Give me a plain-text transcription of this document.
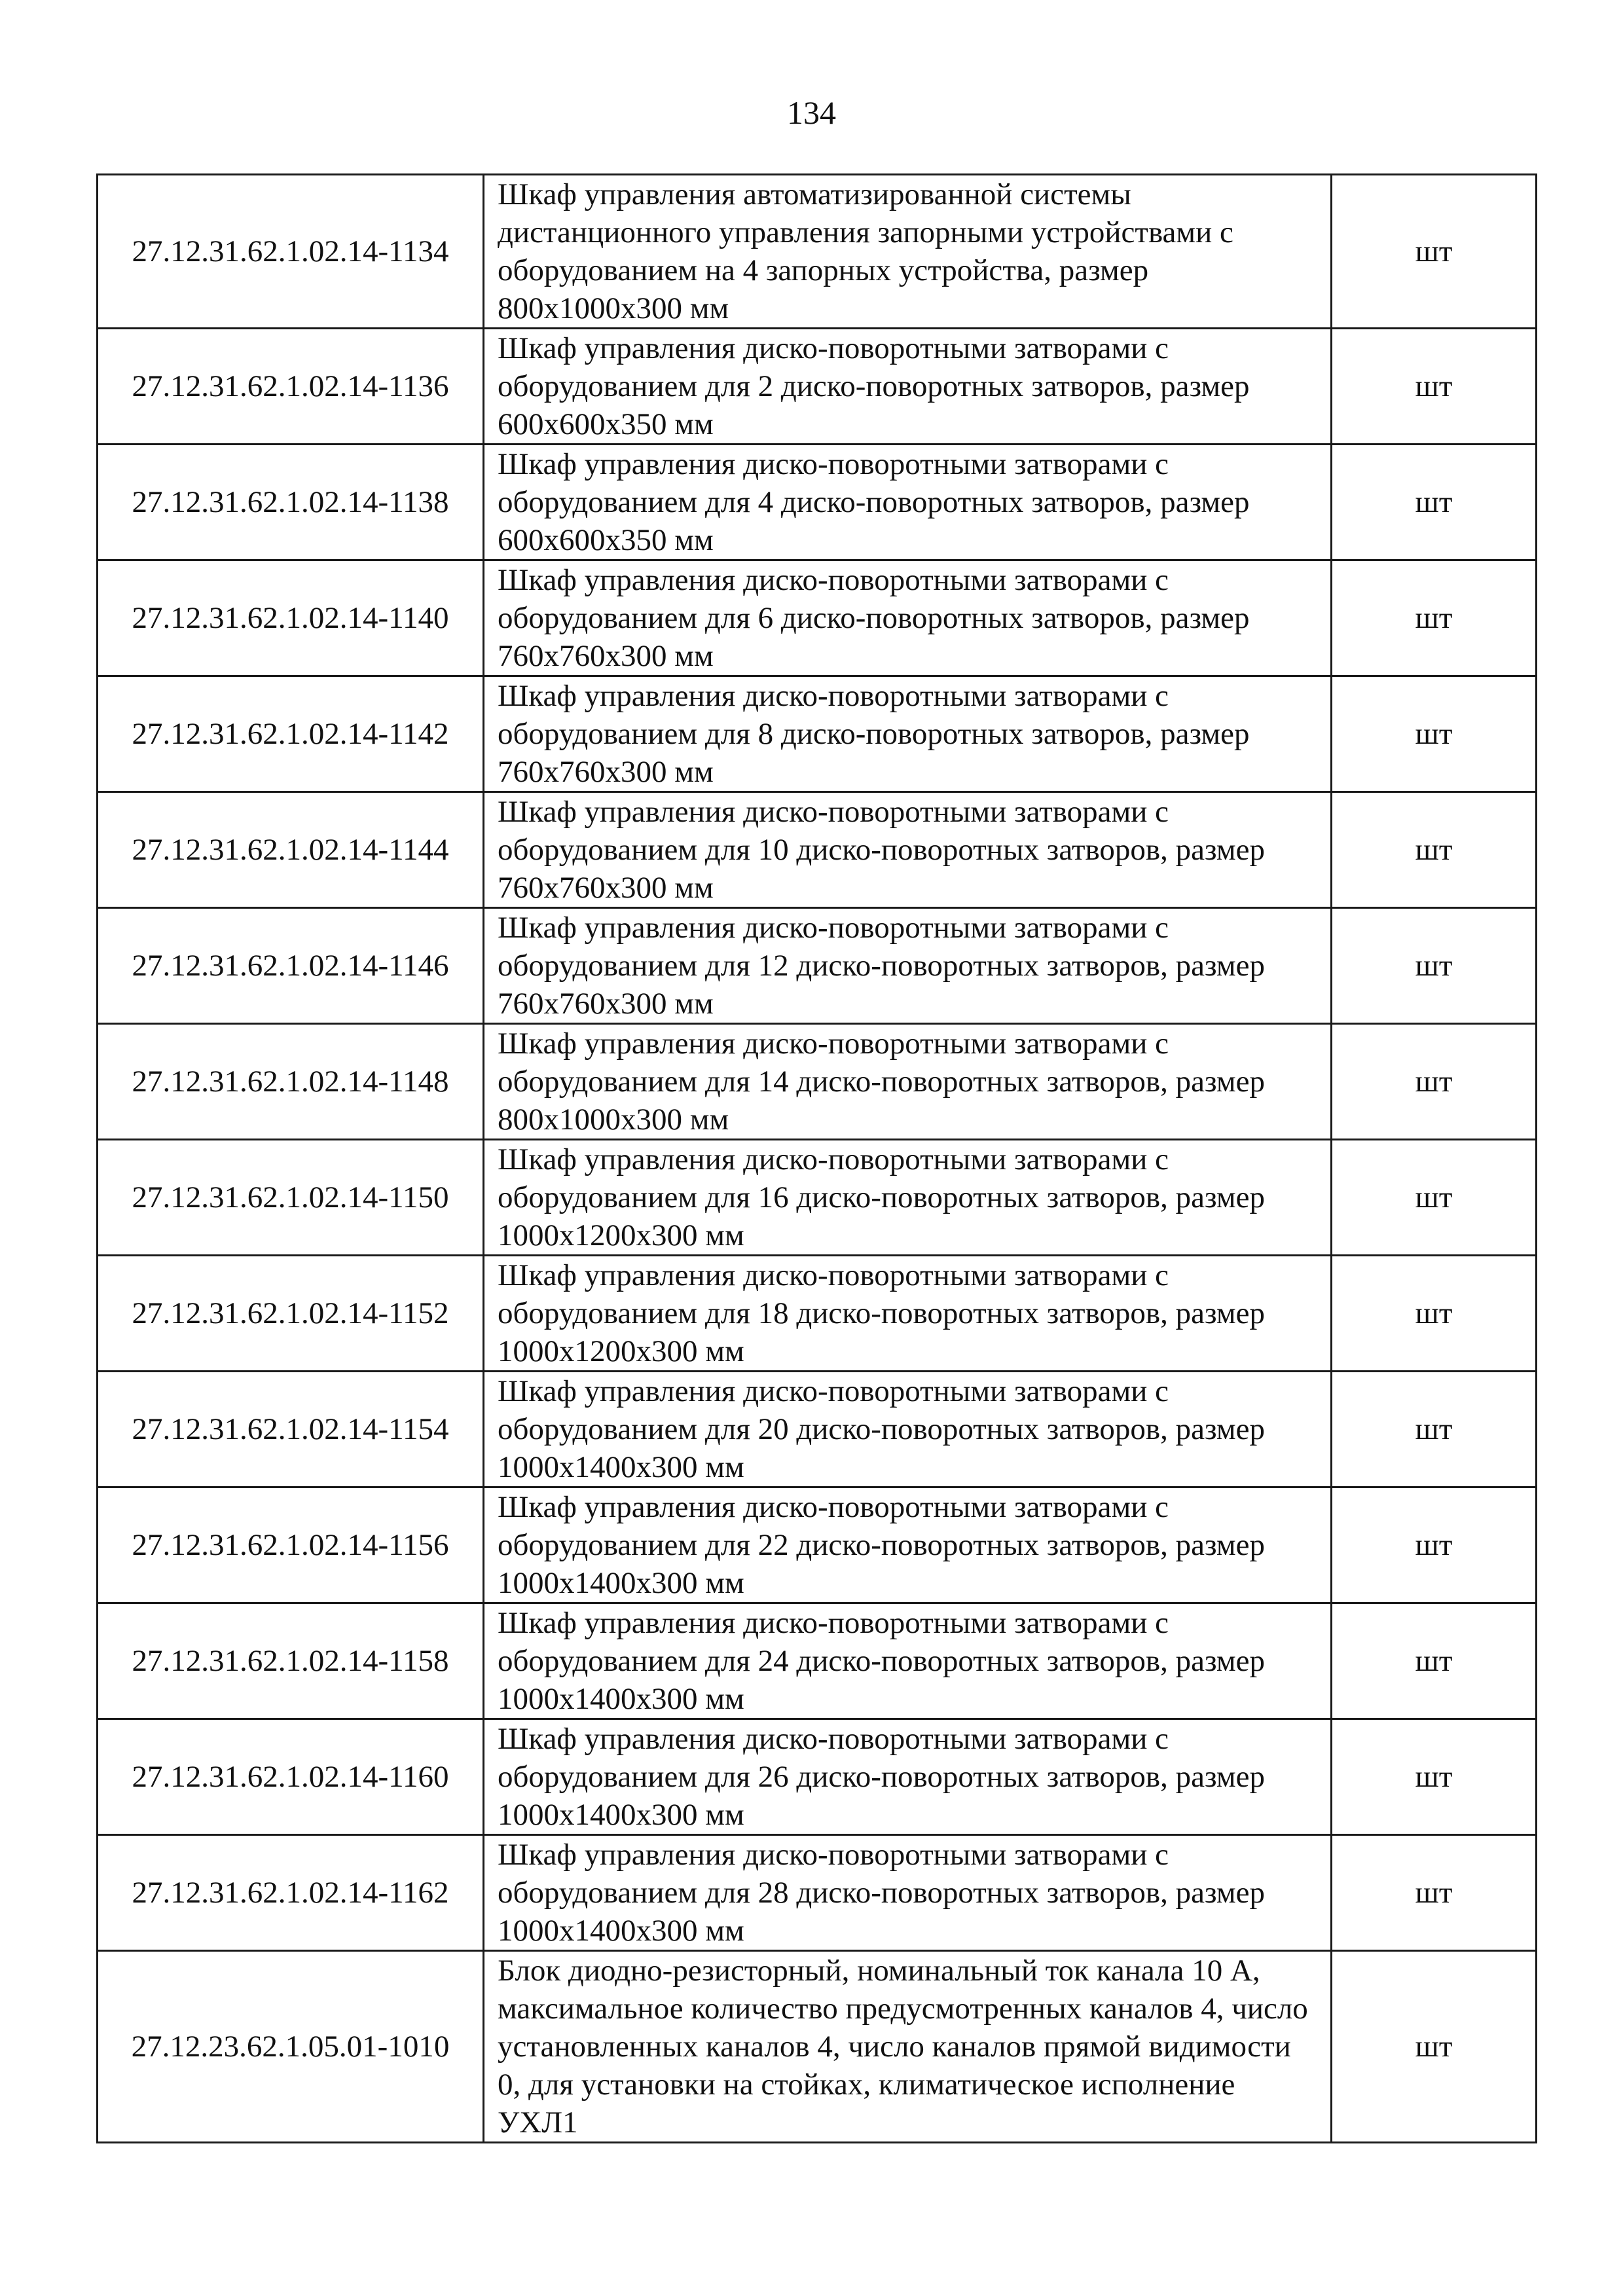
134
27.12.31.62.1.02.14-1134	Шкаф управления автоматизированной системы дистанционного управления запорными устройствами с оборудованием на 4 запорных устройства, размер 800x1000x300 мм	шт
27.12.31.62.1.02.14-1136	Шкаф управления диско-поворотными затворами с оборудованием для 2 диско-поворотных затворов, размер 600x600x350 мм	шт
27.12.31.62.1.02.14-1138	Шкаф управления диско-поворотными затворами с оборудованием для 4 диско-поворотных затворов, размер 600x600x350 мм	шт
27.12.31.62.1.02.14-1140	Шкаф управления диско-поворотными затворами с оборудованием для 6 диско-поворотных затворов, размер 760x760x300 мм	шт
27.12.31.62.1.02.14-1142	Шкаф управления диско-поворотными затворами с оборудованием для 8 диско-поворотных затворов, размер 760x760x300 мм	шт
27.12.31.62.1.02.14-1144	Шкаф управления диско-поворотными затворами с оборудованием для 10 диско-поворотных затворов, размер 760x760x300 мм	шт
27.12.31.62.1.02.14-1146	Шкаф управления диско-поворотными затворами с оборудованием для 12 диско-поворотных затворов, размер 760x760x300 мм	шт
27.12.31.62.1.02.14-1148	Шкаф управления диско-поворотными затворами с оборудованием для 14 диско-поворотных затворов, размер 800x1000x300 мм	шт
27.12.31.62.1.02.14-1150	Шкаф управления диско-поворотными затворами с оборудованием для 16 диско-поворотных затворов, размер 1000x1200x300 мм	шт
27.12.31.62.1.02.14-1152	Шкаф управления диско-поворотными затворами с оборудованием для 18 диско-поворотных затворов, размер 1000x1200x300 мм	шт
27.12.31.62.1.02.14-1154	Шкаф управления диско-поворотными затворами с оборудованием для 20 диско-поворотных затворов, размер 1000x1400x300 мм	шт
27.12.31.62.1.02.14-1156	Шкаф управления диско-поворотными затворами с оборудованием для 22 диско-поворотных затворов, размер 1000x1400x300 мм	шт
27.12.31.62.1.02.14-1158	Шкаф управления диско-поворотными затворами с оборудованием для 24 диско-поворотных затворов, размер 1000x1400x300 мм	шт
27.12.31.62.1.02.14-1160	Шкаф управления диско-поворотными затворами с оборудованием для 26 диско-поворотных затворов, размер 1000x1400x300 мм	шт
27.12.31.62.1.02.14-1162	Шкаф управления диско-поворотными затворами с оборудованием для 28 диско-поворотных затворов, размер 1000x1400x300 мм	шт
27.12.23.62.1.05.01-1010	Блок диодно-резисторный, номинальный ток канала 10 А, максимальное количество предусмотренных каналов 4, число установленных каналов 4, число каналов прямой видимости 0, для установки на стойках, климатическое исполнение УХЛ1	шт
